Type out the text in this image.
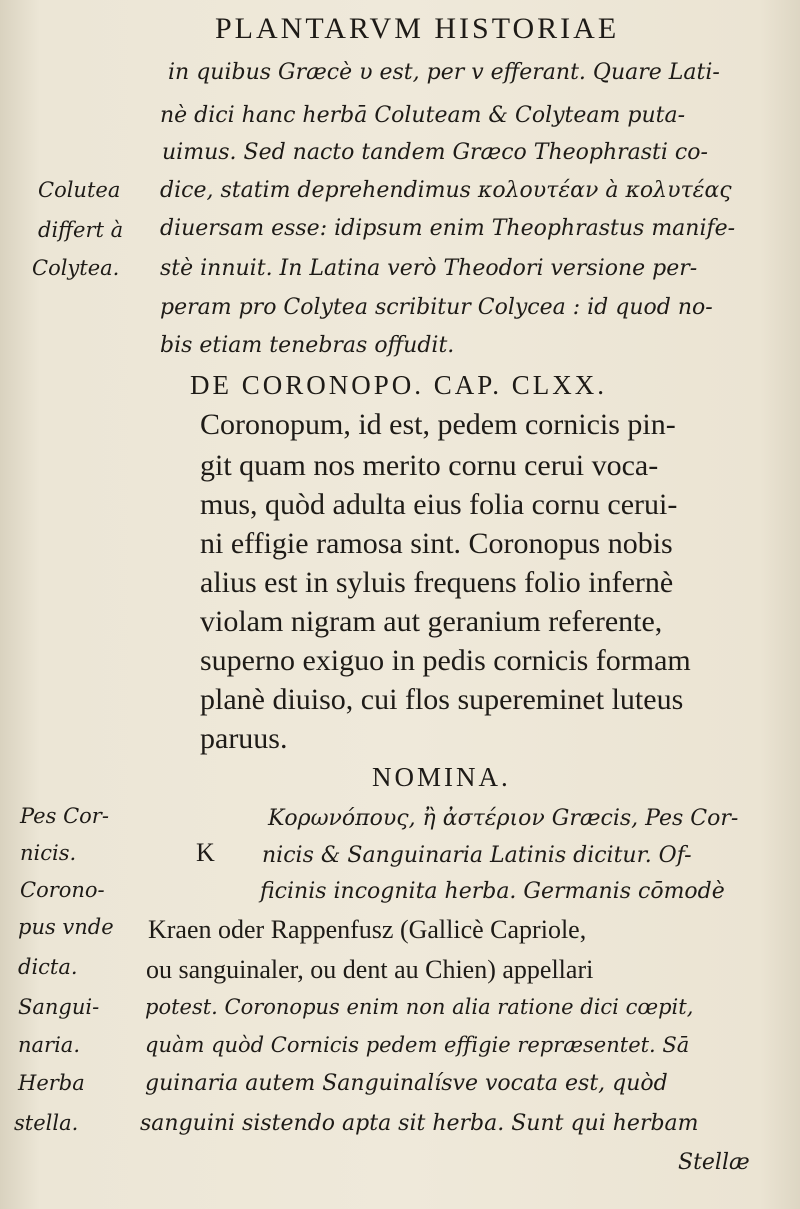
PLANTARVM HISTORIAE
in quibus Græcè υ est, per v efferant. Quare Lati-
nè dici hanc herbā Coluteam & Colyteam puta-
uimus. Sed nacto tandem Græco Theophrasti co-
dice, statim deprehendimus κολουτέαν à κολυτέας
diuersam esse: idipsum enim Theophrastus manife-
stè innuit. In Latina verò Theodori versione per-
peram pro Colytea scribitur Colycea : id quod no-
bis etiam tenebras offudit.
Colutea
differt à
Colytea.
DE CORONOPO. CAP. CLXX.
Coronopum, id est, pedem cornicis pin-
git quam nos merito cornu cerui voca-
mus, quòd adulta eius folia cornu cerui-
ni effigie ramosa sint. Coronopus nobis
alius est in syluis frequens folio infernè
violam nigram aut geranium referente,
superno exiguo in pedis cornicis formam
planè diuiso, cui flos supereminet luteus
paruus.
NOMINA.
K
Κορωνόπους, ἢ ἀστέριον Græcis, Pes Cor-
nicis & Sanguinaria Latinis dicitur. Of-
ficinis incognita herba. Germanis cōmodè
Kraen oder Rappenfusz (Gallicè Capriole,
ou sanguinaler, ou dent au Chien) appellari
potest. Coronopus enim non alia ratione dici cœpit,
quàm quòd Cornicis pedem effigie repræsentet. Sā
guinaria autem Sanguinalísve vocata est, quòd
sanguini sistendo apta sit herba. Sunt qui herbam
Stellæ
Pes Cor-
nicis.
Corono-
pus vnde
dicta.
Sangui-
naria.
Herba
stella.
